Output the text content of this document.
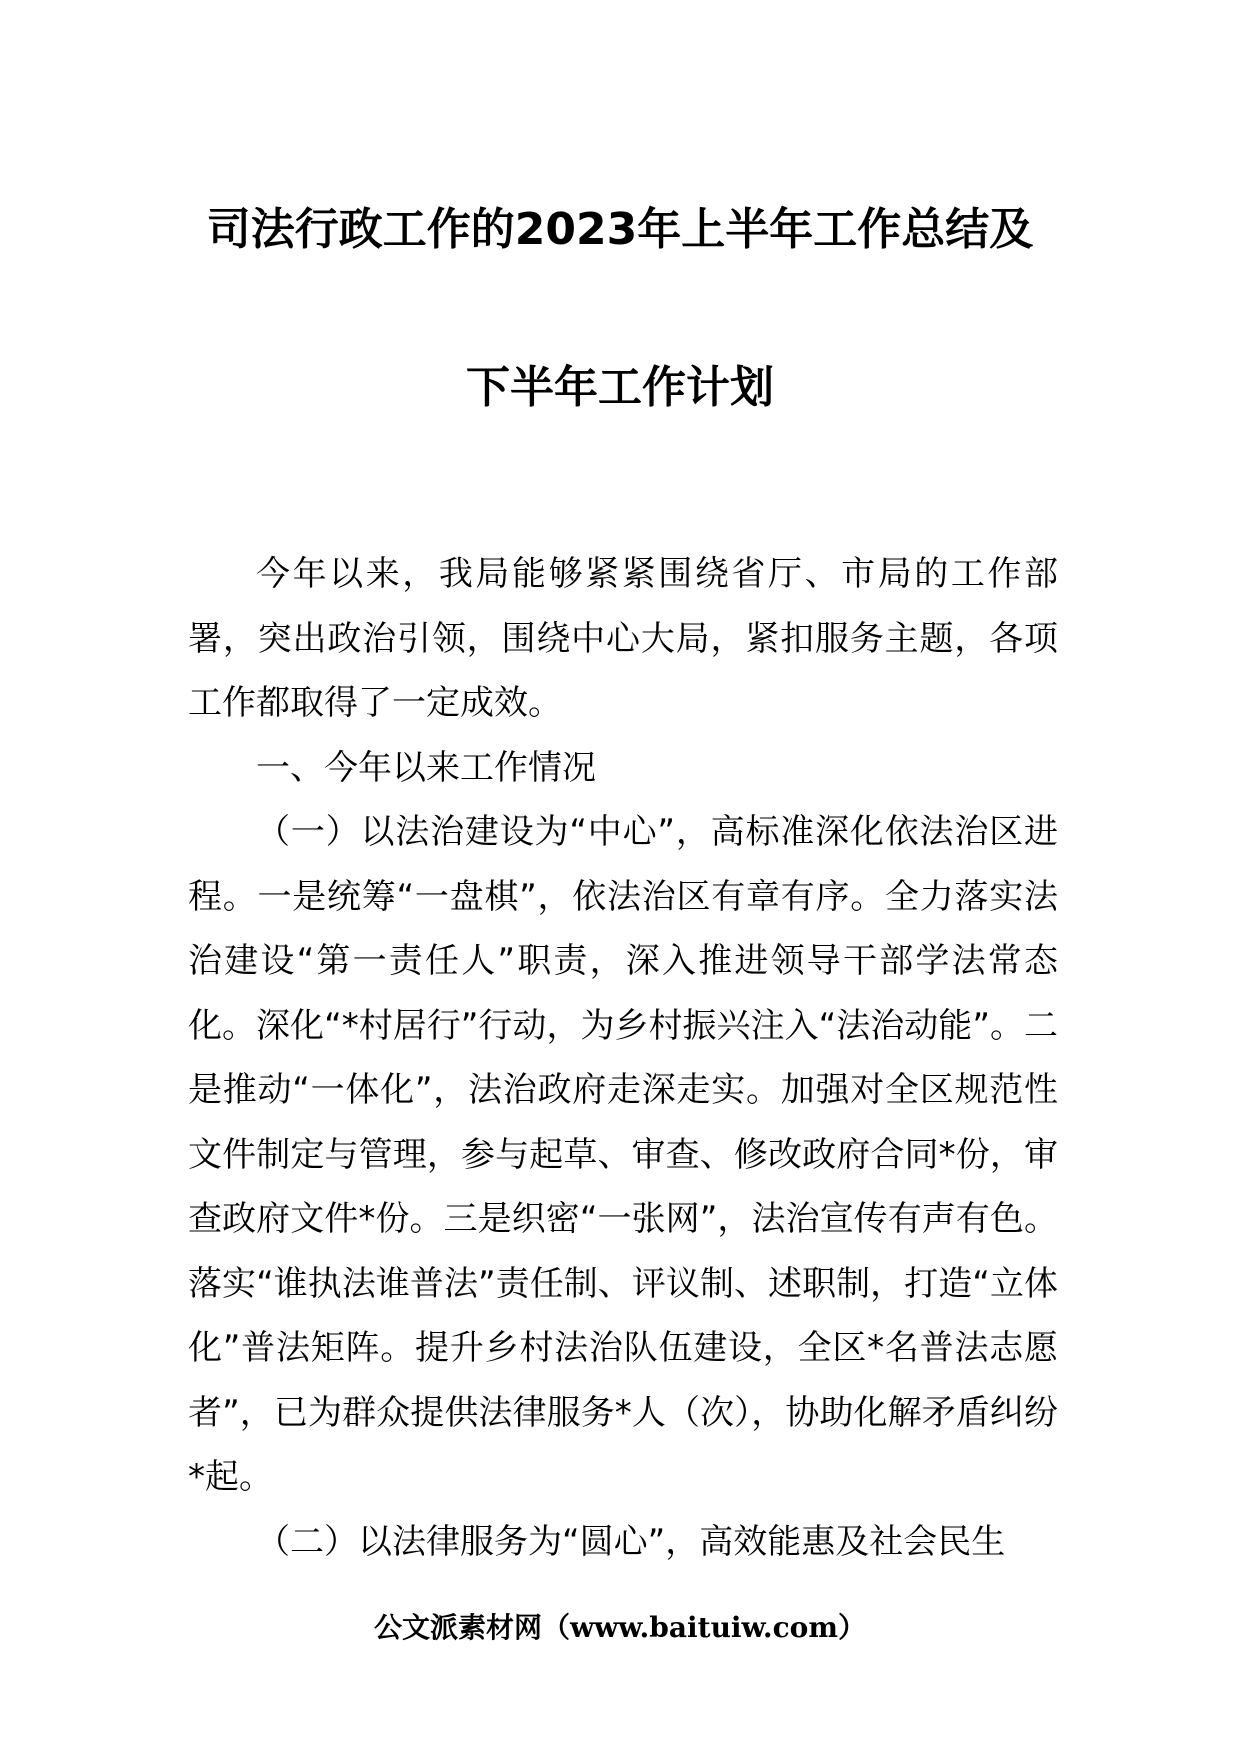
司法行政工作的2023年上半年工作总结及
下半年工作计划

今年以来，我局能够紧紧围绕省厅、市局的工作部署，突出政治引领，围绕中心大局，紧扣服务主题，各项工作都取得了一定成效。

一、今年以来工作情况

（一）以法治建设为“中心”，高标准深化依法治区进程。一是统筹“一盘棋”，依法治区有章有序。全力落实法治建设“第一责任人”职责，深入推进领导干部学法常态化。深化“*村居行”行动，为乡村振兴注入“法治动能”。二是推动“一体化”，法治政府走深走实。加强对全区规范性文件制定与管理，参与起草、审查、修改政府合同*份，审查政府文件*份。三是织密“一张网”，法治宣传有声有色。落实“谁执法谁普法”责任制、评议制、述职制，打造“立体化”普法矩阵。提升乡村法治队伍建设，全区*名普法志愿者”，已为群众提供法律服务*人（次），协助化解矛盾纠纷*起。

（二）以法律服务为“圆心”，高效能惠及社会民生

公文派素材网（www.baituiw.com）
